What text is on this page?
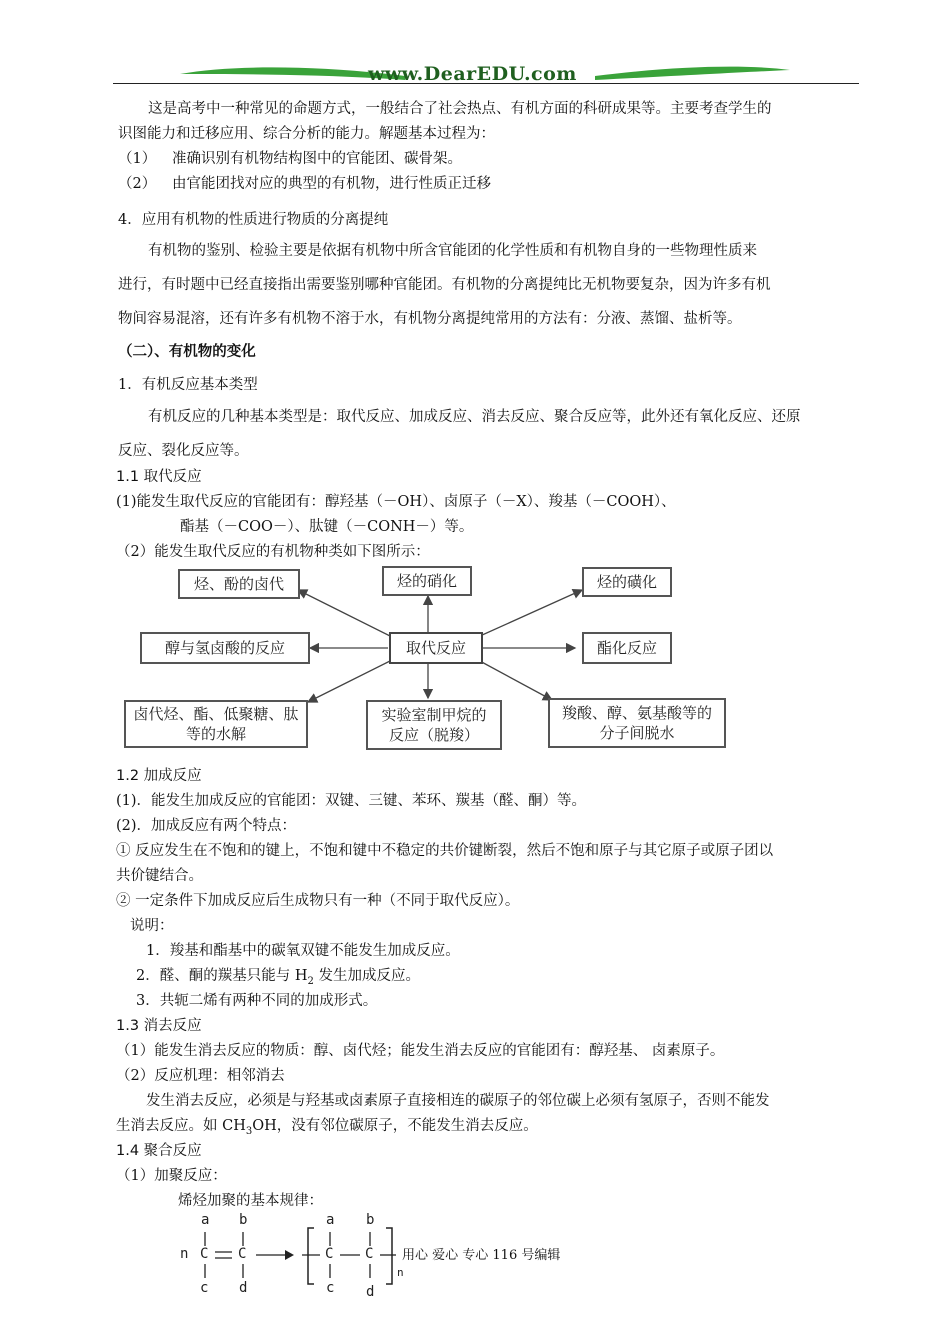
www.DearEDU.com
这是高考中一种常见的命题方式，一般结合了社会热点、有机方面的科研成果等。主要考查学生的
识图能力和迁移应用、综合分析的能力。解题基本过程为：
（1） 准确识别有机物结构图中的官能团、碳骨架。
（2） 由官能团找对应的典型的有机物，进行性质正迁移
4．应用有机物的性质进行物质的分离提纯
有机物的鉴别、检验主要是依据有机物中所含官能团的化学性质和有机物自身的一些物理性质来
进行，有时题中已经直接指出需要鉴别哪种官能团。有机物的分离提纯比无机物要复杂，因为许多有机
物间容易混溶，还有许多有机物不溶于水，有机物分离提纯常用的方法有：分液、蒸馏、盐析等。
（二）、有机物的变化
1．有机反应基本类型
有机反应的几种基本类型是：取代反应、加成反应、消去反应、聚合反应等，此外还有氧化反应、还原
反应、裂化反应等。
1.1 取代反应
(1)能发生取代反应的官能团有：醇羟基（－OH）、卤原子（－X）、羧基（－COOH）、
酯基（－COO－）、肽键（－CONH－）等。
（2）能发生取代反应的有机物种类如下图所示：
取代反应
烃、酚的卤代	烃的硝化	烃的磺化
醇与氢卤酸的反应	酯化反应
卤代烃、酯、低聚糖、肽等的水解
实验室制甲烷的反应（脱羧）
羧酸、醇、氨基酸等的分子间脱水
1.2 加成反应
(1)．能发生加成反应的官能团：双键、三键、苯环、羰基（醛、酮）等。
(2)．加成反应有两个特点：
① 反应发生在不饱和的键上，不饱和键中不稳定的共价键断裂，然后不饱和原子与其它原子或原子团以
共价键结合。
② 一定条件下加成反应后生成物只有一种（不同于取代反应）。
说明：
1．羧基和酯基中的碳氧双键不能发生加成反应。
2．醛、酮的羰基只能与 $H_2$ 发生加成反应。
3．共轭二烯有两种不同的加成形式。
1.3 消去反应
（1）能发生消去反应的物质：醇、卤代烃；能发生消去反应的官能团有：醇羟基、 卤素原子。
（2）反应机理：相邻消去
发生消去反应，必须是与羟基或卤素原子直接相连的碳原子的邻位碳上必须有氢原子，否则不能发
生消去反应。如 $CH_3OH$，没有邻位碳原子，不能发生消去反应。
1.4 聚合反应
（1）加聚反应：
烯烃加聚的基本规律：
n
a
C
c
b
C
d
a
C
c
b
C
d
n
用心 爱心 专心 116 号编辑
